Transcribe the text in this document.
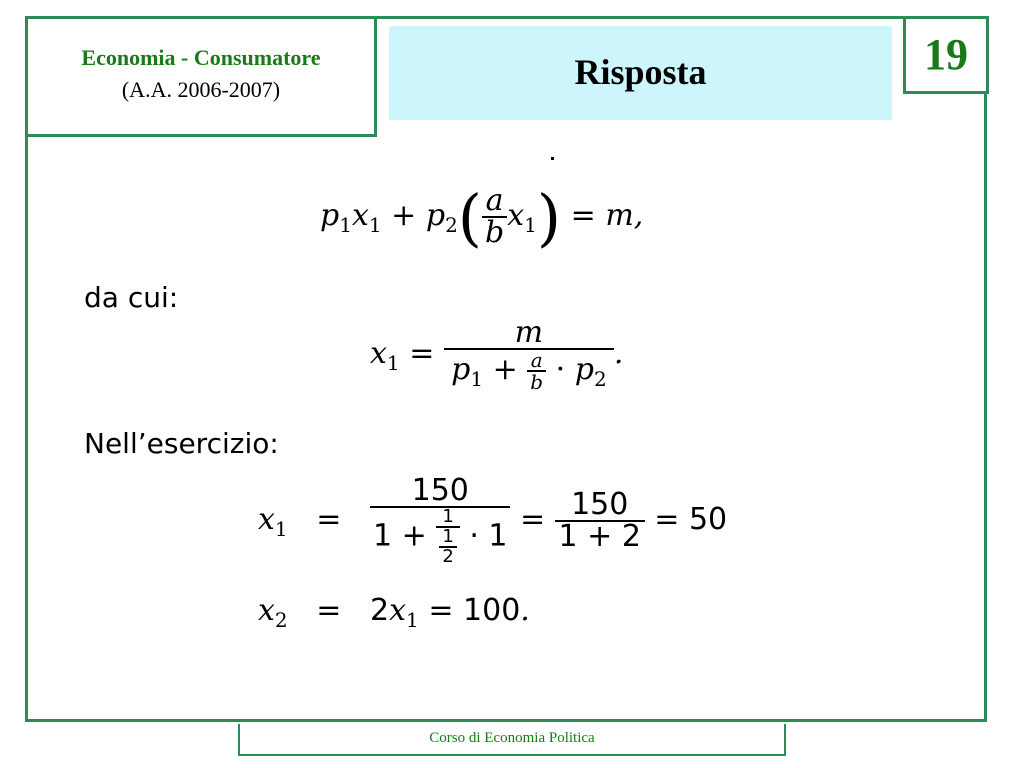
Economia - Consumatore
(A.A. 2006-2007)	Risposta	19
$p_1x_1 + p_2( \frac{a}{b} x_1) = m$,
da cui:
$x_1 = \frac{m}{p_1 + \frac{a}{b} \cdot p_2}$ .
Nell’esercizio:
$x_1 = \frac{150}{1 + \frac{1}{\frac{1}{2}} \cdot 1} = \frac{150}{1 + 2} = 50$
$x_2 = 2x_1 = 100$.
Corso di Economia Politica
